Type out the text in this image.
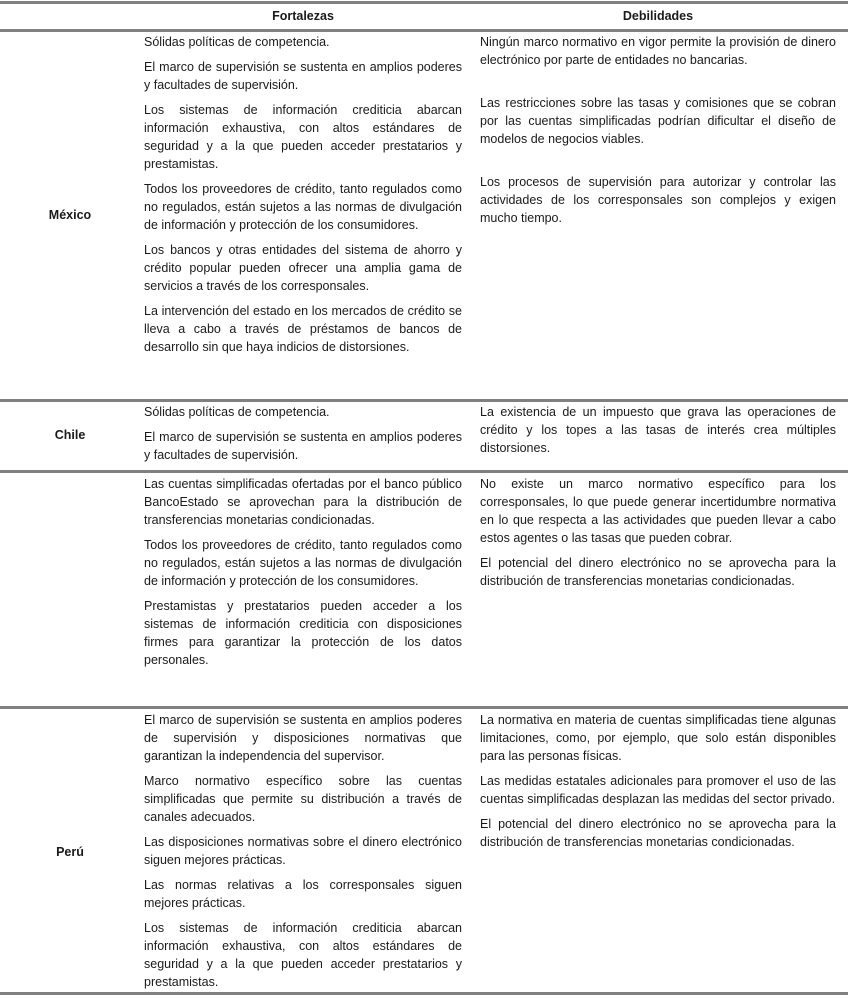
Fortalezas	Debilidades
México

Sólidas políticas de competencia.

El marco de supervisión se sustenta en amplios poderes y facultades de supervisión.

Los sistemas de información crediticia abarcan información exhaustiva, con altos estándares de seguridad y a la que pueden acceder prestatarios y prestamistas.

Todos los proveedores de crédito, tanto regulados como no regulados, están sujetos a las normas de divulgación de información y protección de los consumidores.

Los bancos y otras entidades del sistema de ahorro y crédito popular pueden ofrecer una amplia gama de servicios a través de los corresponsales.

La intervención del estado en los mercados de crédito se lleva a cabo a través de préstamos de bancos de desarrollo sin que haya indicios de distorsiones.

Ningún marco normativo en vigor permite la provisión de dinero electrónico por parte de entidades no bancarias.

Las restricciones sobre las tasas y comisiones que se cobran por las cuentas simplificadas podrían dificultar el diseño de modelos de negocios viables.

Los procesos de supervisión para autorizar y controlar las actividades de los corresponsales son complejos y exigen mucho tiempo.

Chile

Sólidas políticas de competencia.

El marco de supervisión se sustenta en amplios poderes y facultades de supervisión.

La existencia de un impuesto que grava las operaciones de crédito y los topes a las tasas de interés crea múltiples distorsiones.

Las cuentas simplificadas ofertadas por el banco público BancoEstado se aprovechan para la distribución de transferencias monetarias condicionadas.

Todos los proveedores de crédito, tanto regulados como no regulados, están sujetos a las normas de divulgación de información y protección de los consumidores.

Prestamistas y prestatarios pueden acceder a los sistemas de información crediticia con disposiciones firmes para garantizar la protección de los datos personales.

No existe un marco normativo específico para los corresponsales, lo que puede generar incertidumbre normativa en lo que respecta a las actividades que pueden llevar a cabo estos agentes o las tasas que pueden cobrar.

El potencial del dinero electrónico no se aprovecha para la distribución de transferencias monetarias condicionadas.

Perú

El marco de supervisión se sustenta en amplios poderes de supervisión y disposiciones normativas que garantizan la independencia del supervisor.

Marco normativo específico sobre las cuentas simplificadas que permite su distribución a través de canales adecuados.

Las disposiciones normativas sobre el dinero electrónico siguen mejores prácticas.

Las normas relativas a los corresponsales siguen mejores prácticas.

Los sistemas de información crediticia abarcan información exhaustiva, con altos estándares de seguridad y a la que pueden acceder prestatarios y prestamistas.

La normativa en materia de cuentas simplificadas tiene algunas limitaciones, como, por ejemplo, que solo están disponibles para las personas físicas.

Las medidas estatales adicionales para promover el uso de las cuentas simplificadas desplazan las medidas del sector privado.

El potencial del dinero electrónico no se aprovecha para la distribución de transferencias monetarias condicionadas.
